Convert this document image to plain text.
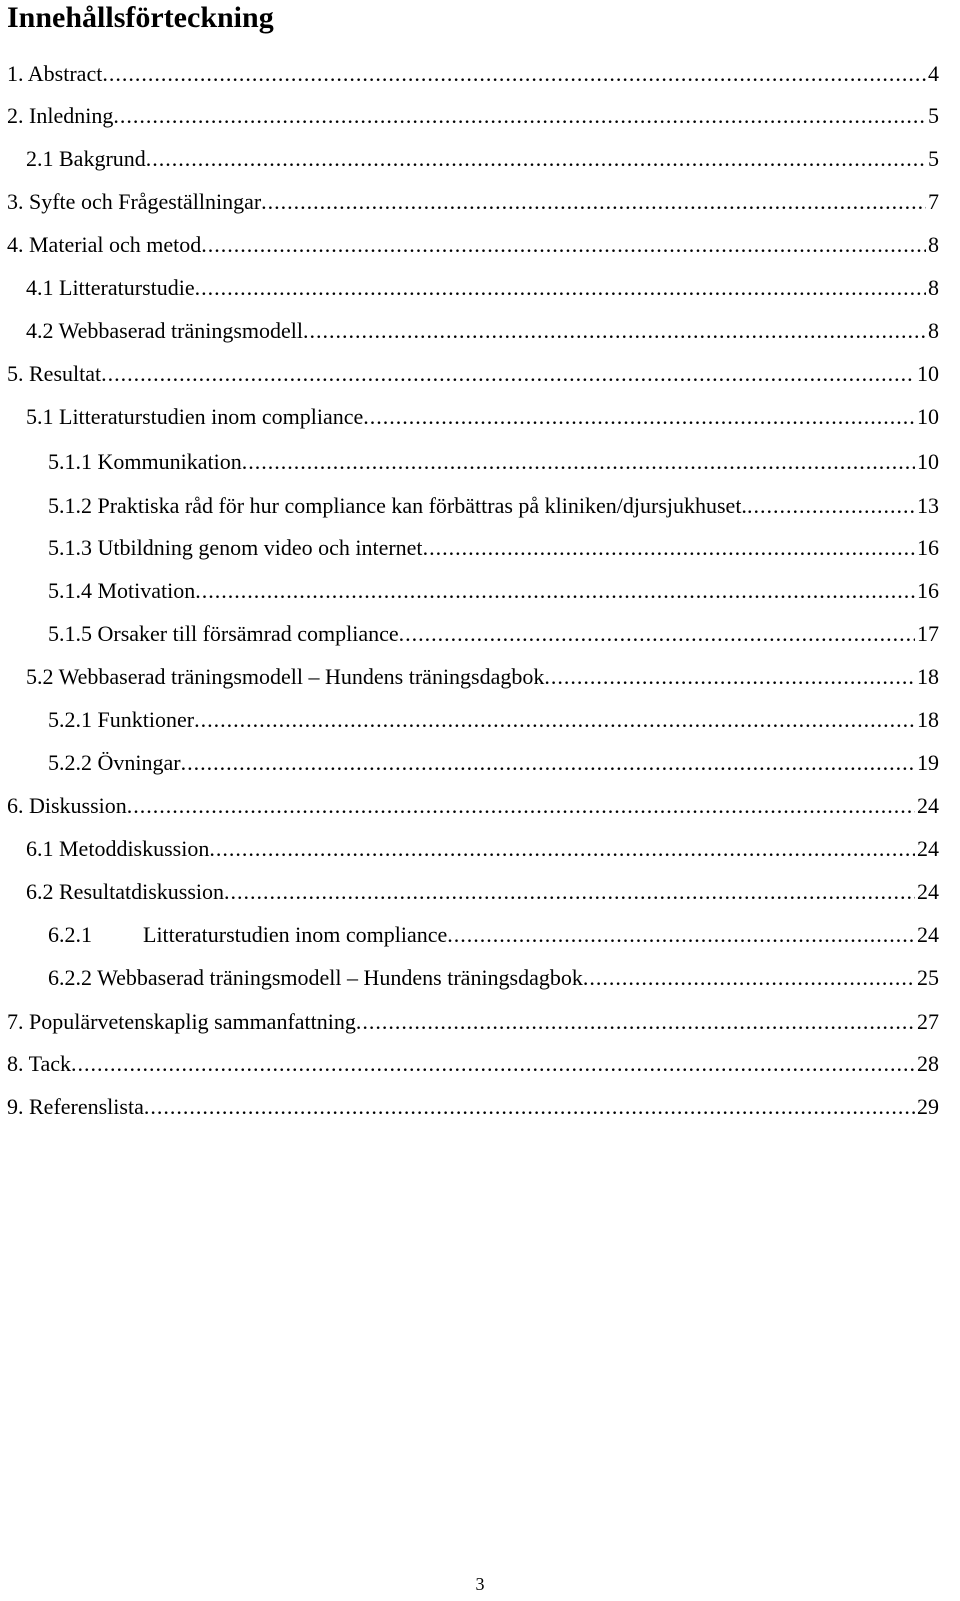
Innehållsförteckning
1. Abstract .....	4
2. Inledning .....	5
2.1 Bakgrund .....	5
3. Syfte och Frågeställningar .....	7
4. Material och metod .....	8
4.1 Litteraturstudie .....	8
4.2 Webbaserad träningsmodell .....	8
5. Resultat .....	10
5.1 Litteraturstudien inom compliance .....	10
5.1.1 Kommunikation .....	10
5.1.2 Praktiska råd för hur compliance kan förbättras på kliniken/djursjukhuset. .....	13
5.1.3 Utbildning genom video och internet .....	16
5.1.4 Motivation .....	16
5.1.5 Orsaker till försämrad compliance .....	17
5.2 Webbaserad träningsmodell – Hundens träningsdagbok .....	18
5.2.1 Funktioner .....	18
5.2.2 Övningar .....	19
6. Diskussion .....	24
6.1 Metoddiskussion .....	24
6.2 Resultatdiskussion .....	24
6.2.1 Litteraturstudien inom compliance .....	24
6.2.2 Webbaserad träningsmodell – Hundens träningsdagbok .....	25
7. Populärvetenskaplig sammanfattning .....	27
8. Tack .....	28
9. Referenslista .....	29
3
